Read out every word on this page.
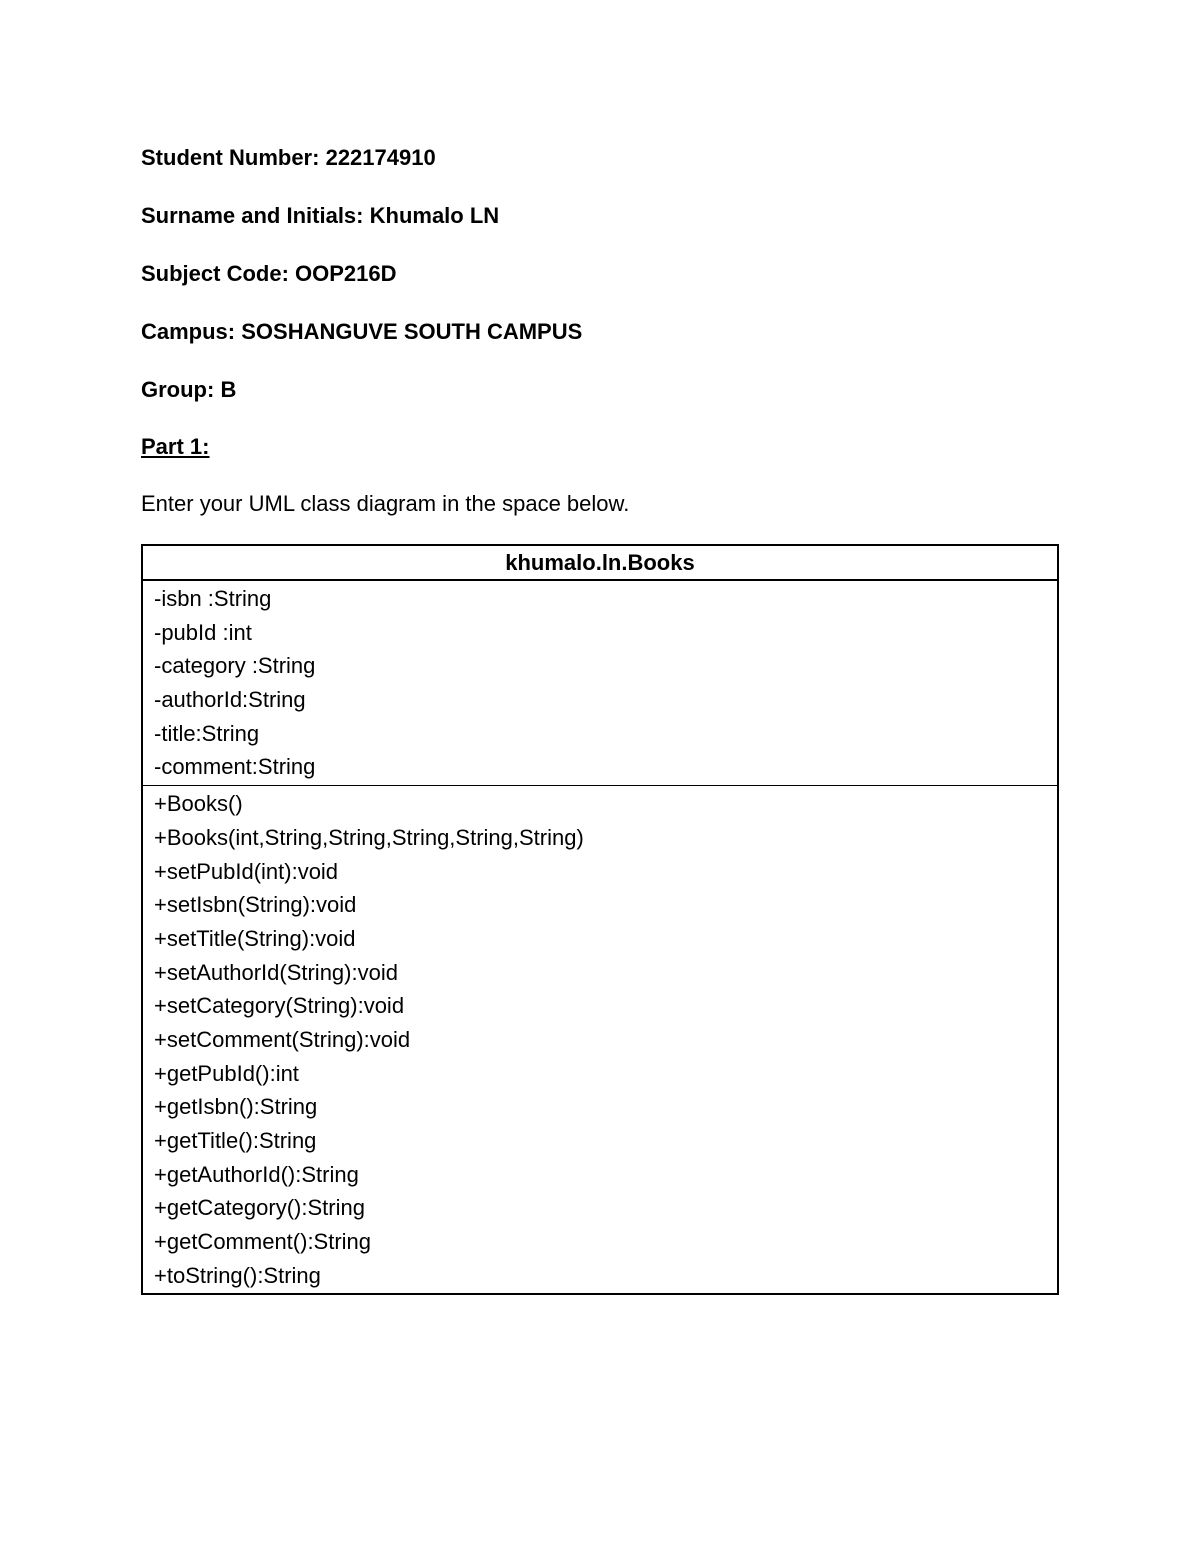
Student Number: 222174910
Surname and Initials: Khumalo LN
Subject Code: OOP216D
Campus: SOSHANGUVE SOUTH CAMPUS
Group: B
Part 1:
Enter your UML class diagram in the space below.
khumalo.ln.Books
-isbn :String
-pubId :int
-category :String
-authorId:String
-title:String
-comment:String
+Books()
+Books(int,String,String,String,String,String)
+setPubId(int):void
+setIsbn(String):void
+setTitle(String):void
+setAuthorId(String):void
+setCategory(String):void
+setComment(String):void
+getPubId():int
+getIsbn():String
+getTitle():String
+getAuthorId():String
+getCategory():String
+getComment():String
+toString():String
